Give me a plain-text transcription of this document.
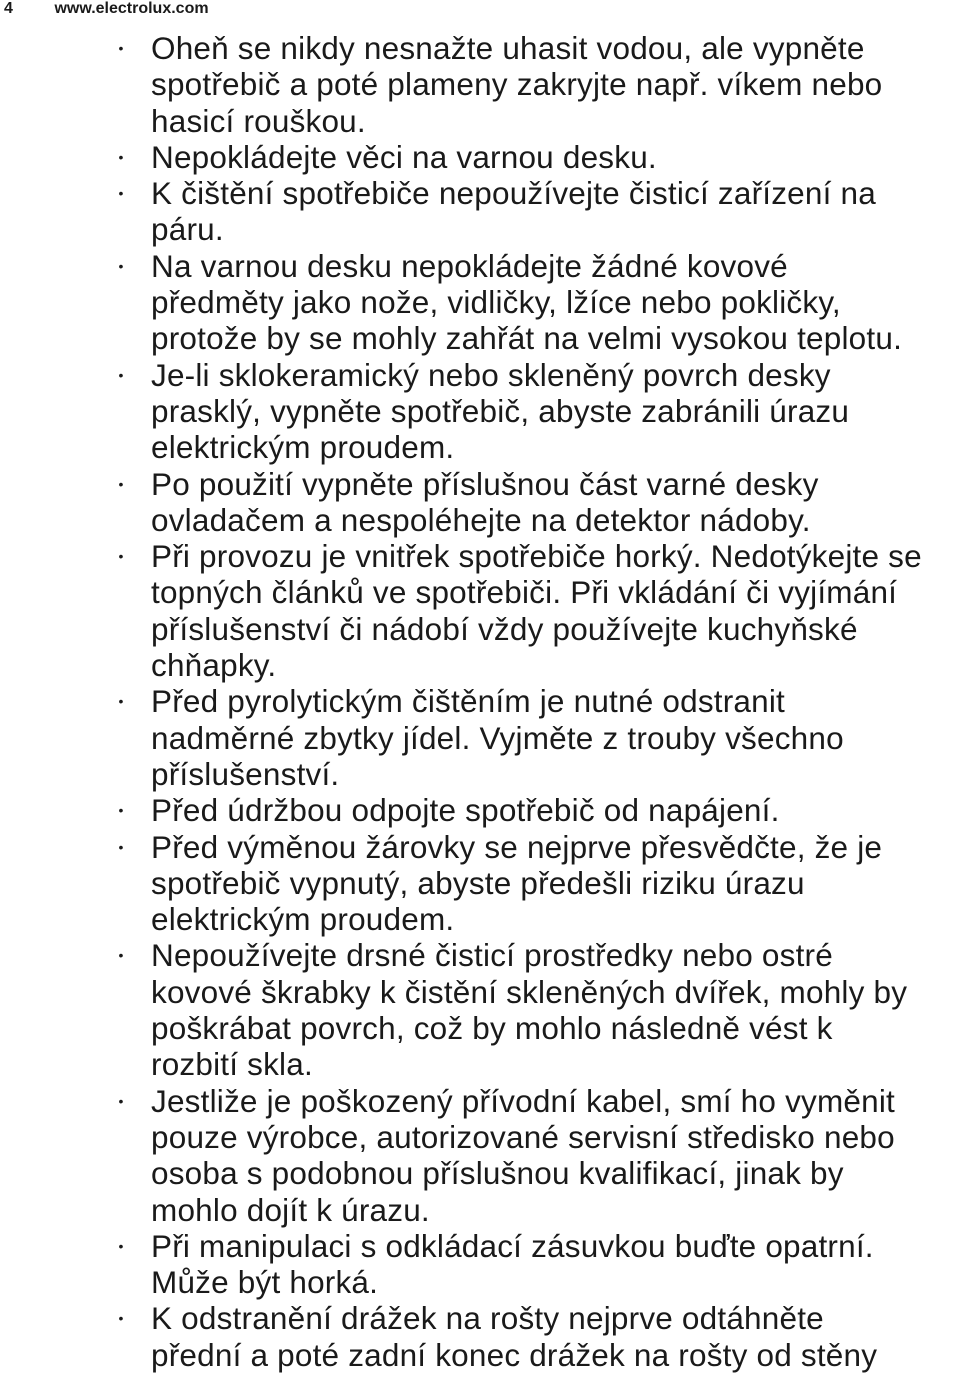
4	www.electrolux.com
• Oheň se nikdy nesnažte uhasit vodou, ale vypněte
spotřebič a poté plameny zakryjte např. víkem nebo
hasicí rouškou.
• Nepokládejte věci na varnou desku.
• K čištění spotřebiče nepoužívejte čisticí zařízení na
páru.
• Na varnou desku nepokládejte žádné kovové
předměty jako nože, vidličky, lžíce nebo pokličky,
protože by se mohly zahřát na velmi vysokou teplotu.
• Je-li sklokeramický nebo skleněný povrch desky
prasklý, vypněte spotřebič, abyste zabránili úrazu
elektrickým proudem.
• Po použití vypněte příslušnou část varné desky
ovladačem a nespoléhejte na detektor nádoby.
• Při provozu je vnitřek spotřebiče horký. Nedotýkejte se
topných článků ve spotřebiči. Při vkládání či vyjímání
příslušenství či nádobí vždy používejte kuchyňské
chňapky.
• Před pyrolytickým čištěním je nutné odstranit
nadměrné zbytky jídel. Vyjměte z trouby všechno
příslušenství.
• Před údržbou odpojte spotřebič od napájení.
• Před výměnou žárovky se nejprve přesvědčte, že je
spotřebič vypnutý, abyste předešli riziku úrazu
elektrickým proudem.
• Nepoužívejte drsné čisticí prostředky nebo ostré
kovové škrabky k čistění skleněných dvířek, mohly by
poškrábat povrch, což by mohlo následně vést k
rozbití skla.
• Jestliže je poškozený přívodní kabel, smí ho vyměnit
pouze výrobce, autorizované servisní středisko nebo
osoba s podobnou příslušnou kvalifikací, jinak by
mohlo dojít k úrazu.
• Při manipulaci s odkládací zásuvkou buďte opatrní.
Může být horká.
• K odstranění drážek na rošty nejprve odtáhněte
přední a poté zadní konec drážek na rošty od stěny
